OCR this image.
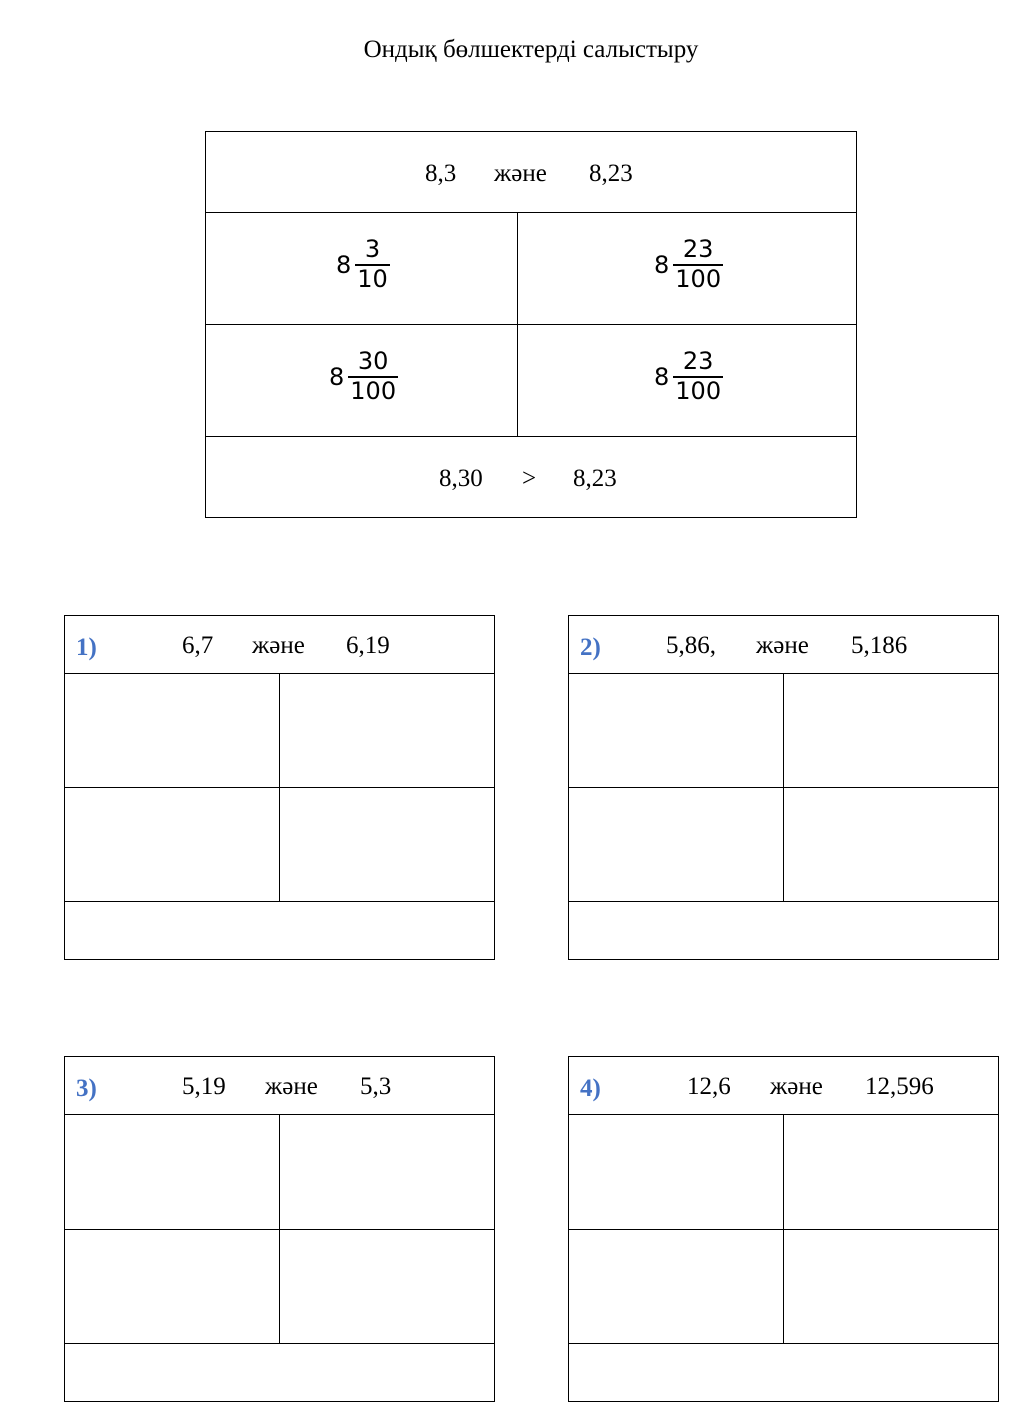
Ондық бөлшектерді салыстыру
8,3 және 8,23
8
3
10	8
23
100
8
30
100	8
23
100
8,30 > 8,23
1)	6,7 және 6,19	2)	5,86, және 5,186
3)	5,19 және 5,3	4)	12,6 және 12,596
